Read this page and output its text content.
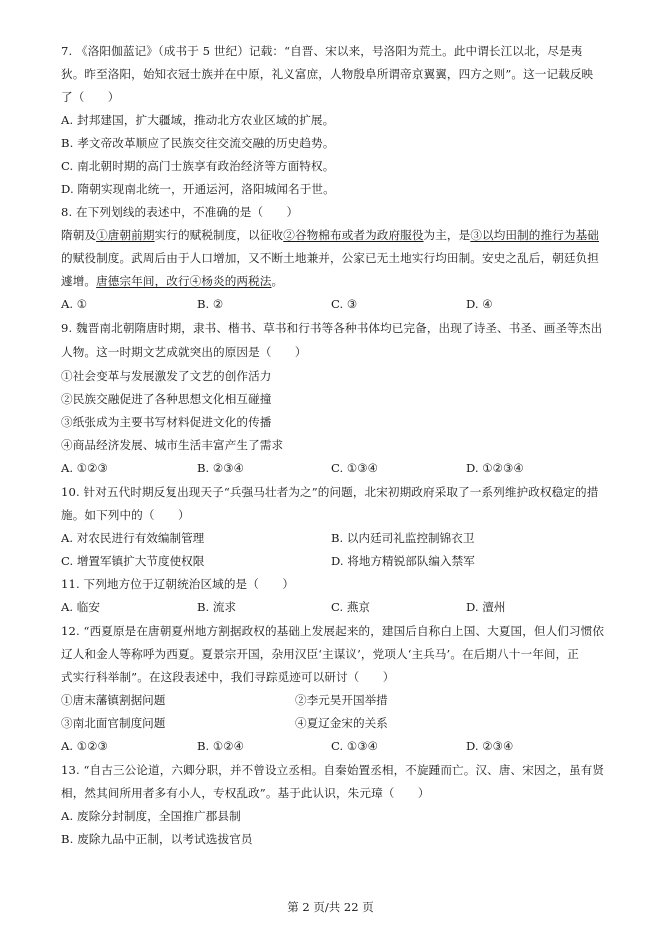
7. 《洛阳伽蓝记》（成书于 5 世纪）记载：“自晋、宋以来，号洛阳为荒土。此中谓长江以北，尽是夷
狄。昨至洛阳，始知衣冠士族并在中原，礼义富庶，人物殷阜所谓帝京翼翼，四方之则”。这一记载反映
了（　　）
A. 封邦建国，扩大疆域，推动北方农业区域的扩展。
B. 孝文帝改革顺应了民族交往交流交融的历史趋势。
C. 南北朝时期的高门士族享有政治经济等方面特权。
D. 隋朝实现南北统一，开通运河，洛阳城闻名于世。
8. 在下列划线的表述中，不准确的是（　　）
隋朝及①唐朝前期实行的赋税制度，以征收②谷物棉布或者为政府服役为主，是③以均田制的推行为基础
的赋役制度。武周后由于人口增加，又不断土地兼并，公家已无土地实行均田制。安史之乱后，朝廷负担
遽增。唐德宗年间，改行④杨炎的两税法。
A. ①	B. ②	C. ③	D. ④
9. 魏晋南北朝隋唐时期，隶书、楷书、草书和行书等各种书体均已完备，出现了诗圣、书圣、画圣等杰出
人物。这一时期文艺成就突出的原因是（　　）
①社会变革与发展激发了文艺的创作活力
②民族交融促进了各种思想文化相互碰撞
③纸张成为主要书写材料促进文化的传播
④商品经济发展、城市生活丰富产生了需求
A. ①②③	B. ②③④	C. ①③④	D. ①②③④
10. 针对五代时期反复出现天子“兵强马壮者为之”的问题，北宋初期政府采取了一系列维护政权稳定的措
施。如下列中的（　　）
A. 对农民进行有效编制管理	B. 以内廷司礼监控制锦衣卫
C. 增置军镇扩大节度使权限	D. 将地方精锐部队编入禁军
11. 下列地方位于辽朝统治区域的是（　　）
A. 临安	B. 流求	C. 燕京	D. 澶州
12. “西夏原是在唐朝夏州地方割据政权的基础上发展起来的，建国后自称白上国、大夏国，但人们习惯依
辽人和金人等称呼为西夏。夏景宗开国，杂用汉臣‘主谋议’，党项人‘主兵马’。在后期八十一年间，正
式实行科举制”。在这段表述中，我们寻踪觅迹可以研讨（　　）
①唐末藩镇割据问题	②李元昊开国举措
③南北面官制度问题	④夏辽金宋的关系
A. ①②③	B. ①②④	C. ①③④	D. ②③④
13. “自古三公论道，六卿分职，并不曾设立丞相。自秦始置丞相，不旋踵而亡。汉、唐、宋因之，虽有贤
相，然其间所用者多有小人，专权乱政”。基于此认识，朱元璋（　　）
A. 废除分封制度，全国推广郡县制
B. 废除九品中正制，以考试选拔官员
第 2 页/共 22 页
